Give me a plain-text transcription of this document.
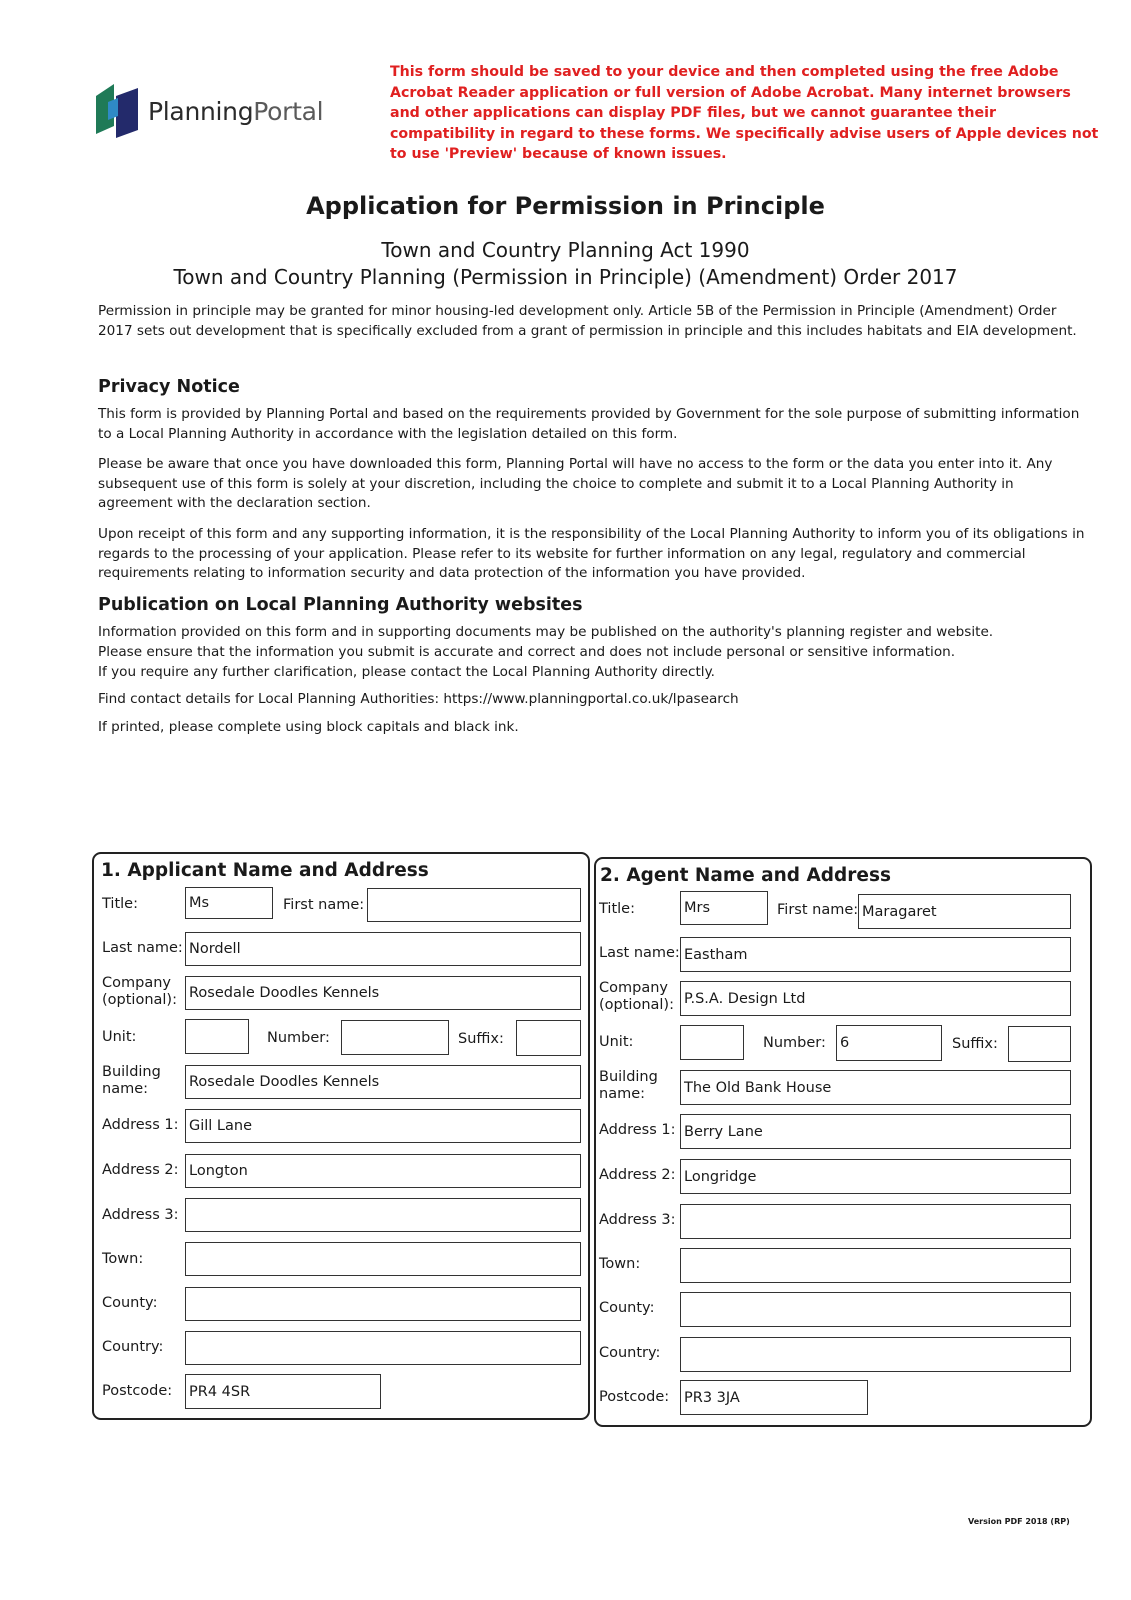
PlanningPortal
This form should be saved to your device and then completed using the free Adobe Acrobat Reader application or full version of Adobe Acrobat. Many internet browsers and other applications can display PDF files, but we cannot guarantee their compatibility in regard to these forms. We specifically advise users of Apple devices not to use 'Preview' because of known issues.
Application for Permission in Principle
Town and Country Planning Act 1990
Town and Country Planning (Permission in Principle) (Amendment) Order 2017
Permission in principle may be granted for minor housing-led development only. Article 5B of the Permission in Principle (Amendment) Order 2017 sets out development that is specifically excluded from a grant of permission in principle and this includes habitats and EIA development.
Privacy Notice
This form is provided by Planning Portal and based on the requirements provided by Government for the sole purpose of submitting information to a Local Planning Authority in accordance with the legislation detailed on this form.
Please be aware that once you have downloaded this form, Planning Portal will have no access to the form or the data you enter into it. Any subsequent use of this form is solely at your discretion, including the choice to complete and submit it to a Local Planning Authority in agreement with the declaration section.
Upon receipt of this form and any supporting information, it is the responsibility of the Local Planning Authority to inform you of its obligations in regards to the processing of your application. Please refer to its website for further information on any legal, regulatory and commercial requirements relating to information security and data protection of the information you have provided.
Publication on Local Planning Authority websites
Information provided on this form and in supporting documents may be published on the authority's planning register and website.
Please ensure that the information you submit is accurate and correct and does not include personal or sensitive information.
If you require any further clarification, please contact the Local Planning Authority directly.
Find contact details for Local Planning Authorities: https://www.planningportal.co.uk/lpasearch
If printed, please complete using block capitals and black ink.
1. Applicant Name and Address
Title:	Ms	First name:
Last name: Nordell
Company
(optional): Rosedale Doodles Kennels
Unit:	Number:	Suffix:
Building
name:	Rosedale Doodles Kennels
Address 1: Gill Lane
Address 2: Longton
Address 3:
Town:
County:
Country:
Postcode: PR4 4SR
2. Agent Name and Address
Title:	Mrs	First name: Maragaret
Last name: Eastham
Company
(optional): P.S.A. Design Ltd
Unit:	Number: 6	Suffix:
Building
name:	The Old Bank House
Address 1: Berry Lane
Address 2: Longridge
Address 3:
Town:
County:
Country:
Postcode: PR3 3JA
Version PDF 2018 (RP)
